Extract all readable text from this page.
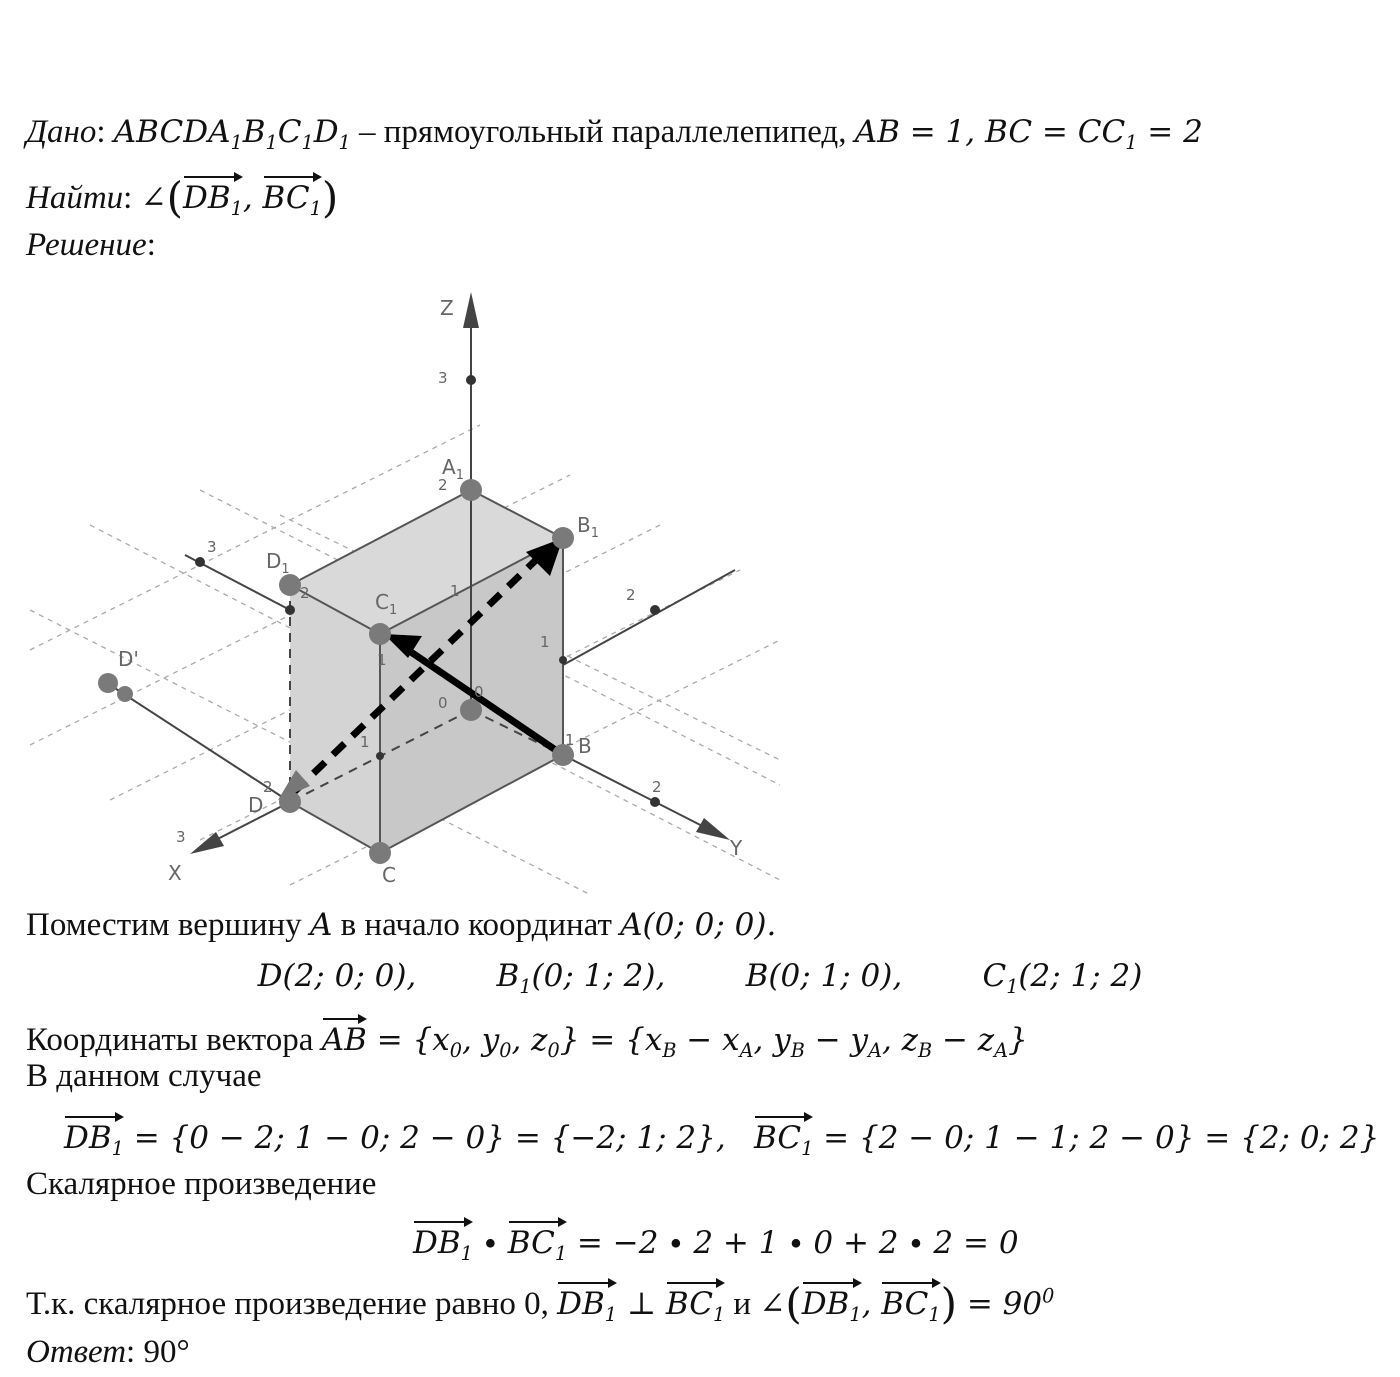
Дано: $ABCDA_1B_1C_1D_1$ – прямоугольный параллелепипед, AB = 1, BC = $CC_1 = 2$
Найти: $\angle(DB_1$, $BC_1$)
Решение:
Z
Y
X
$A_1$
$B_1$
$C_1$
$D_1$
D'
B
C
D
3
2
1
3
2
1
2
1
1
2
1
2
3
0
0
Поместим вершину A в начало координат A(0; 0; 0).
D(2; 0; 0),	$B_1(0$; 1; 2),	B(0; 1; 0),	$C_1(2$; 1; 2)
Координаты вектора AB = {$x_0$, $y_0$, $z_0\} = \{x_B - x_A$, $y_B - y_A$, $z_B - z_A$}
В данном случае
$DB_1 = \{0 - 2$; 1 − 0; 2 − 0} = {−2; 1; 2}, $BC_1 = \{2 - 0$; 1 − 1; 2 − 0} = {2; 0; 2}
Скалярное произведение
$DB_1 \cdot BC_1 = -2 \cdot 2 + 1 \cdot 0 + 2 \cdot 2 = 0$
Т.к. скалярное произведение равно 0, $DB_1$ ⊥ $BC_1$ и $\angle(DB_1$, $BC_1) = 90^0$
Ответ: 90°
